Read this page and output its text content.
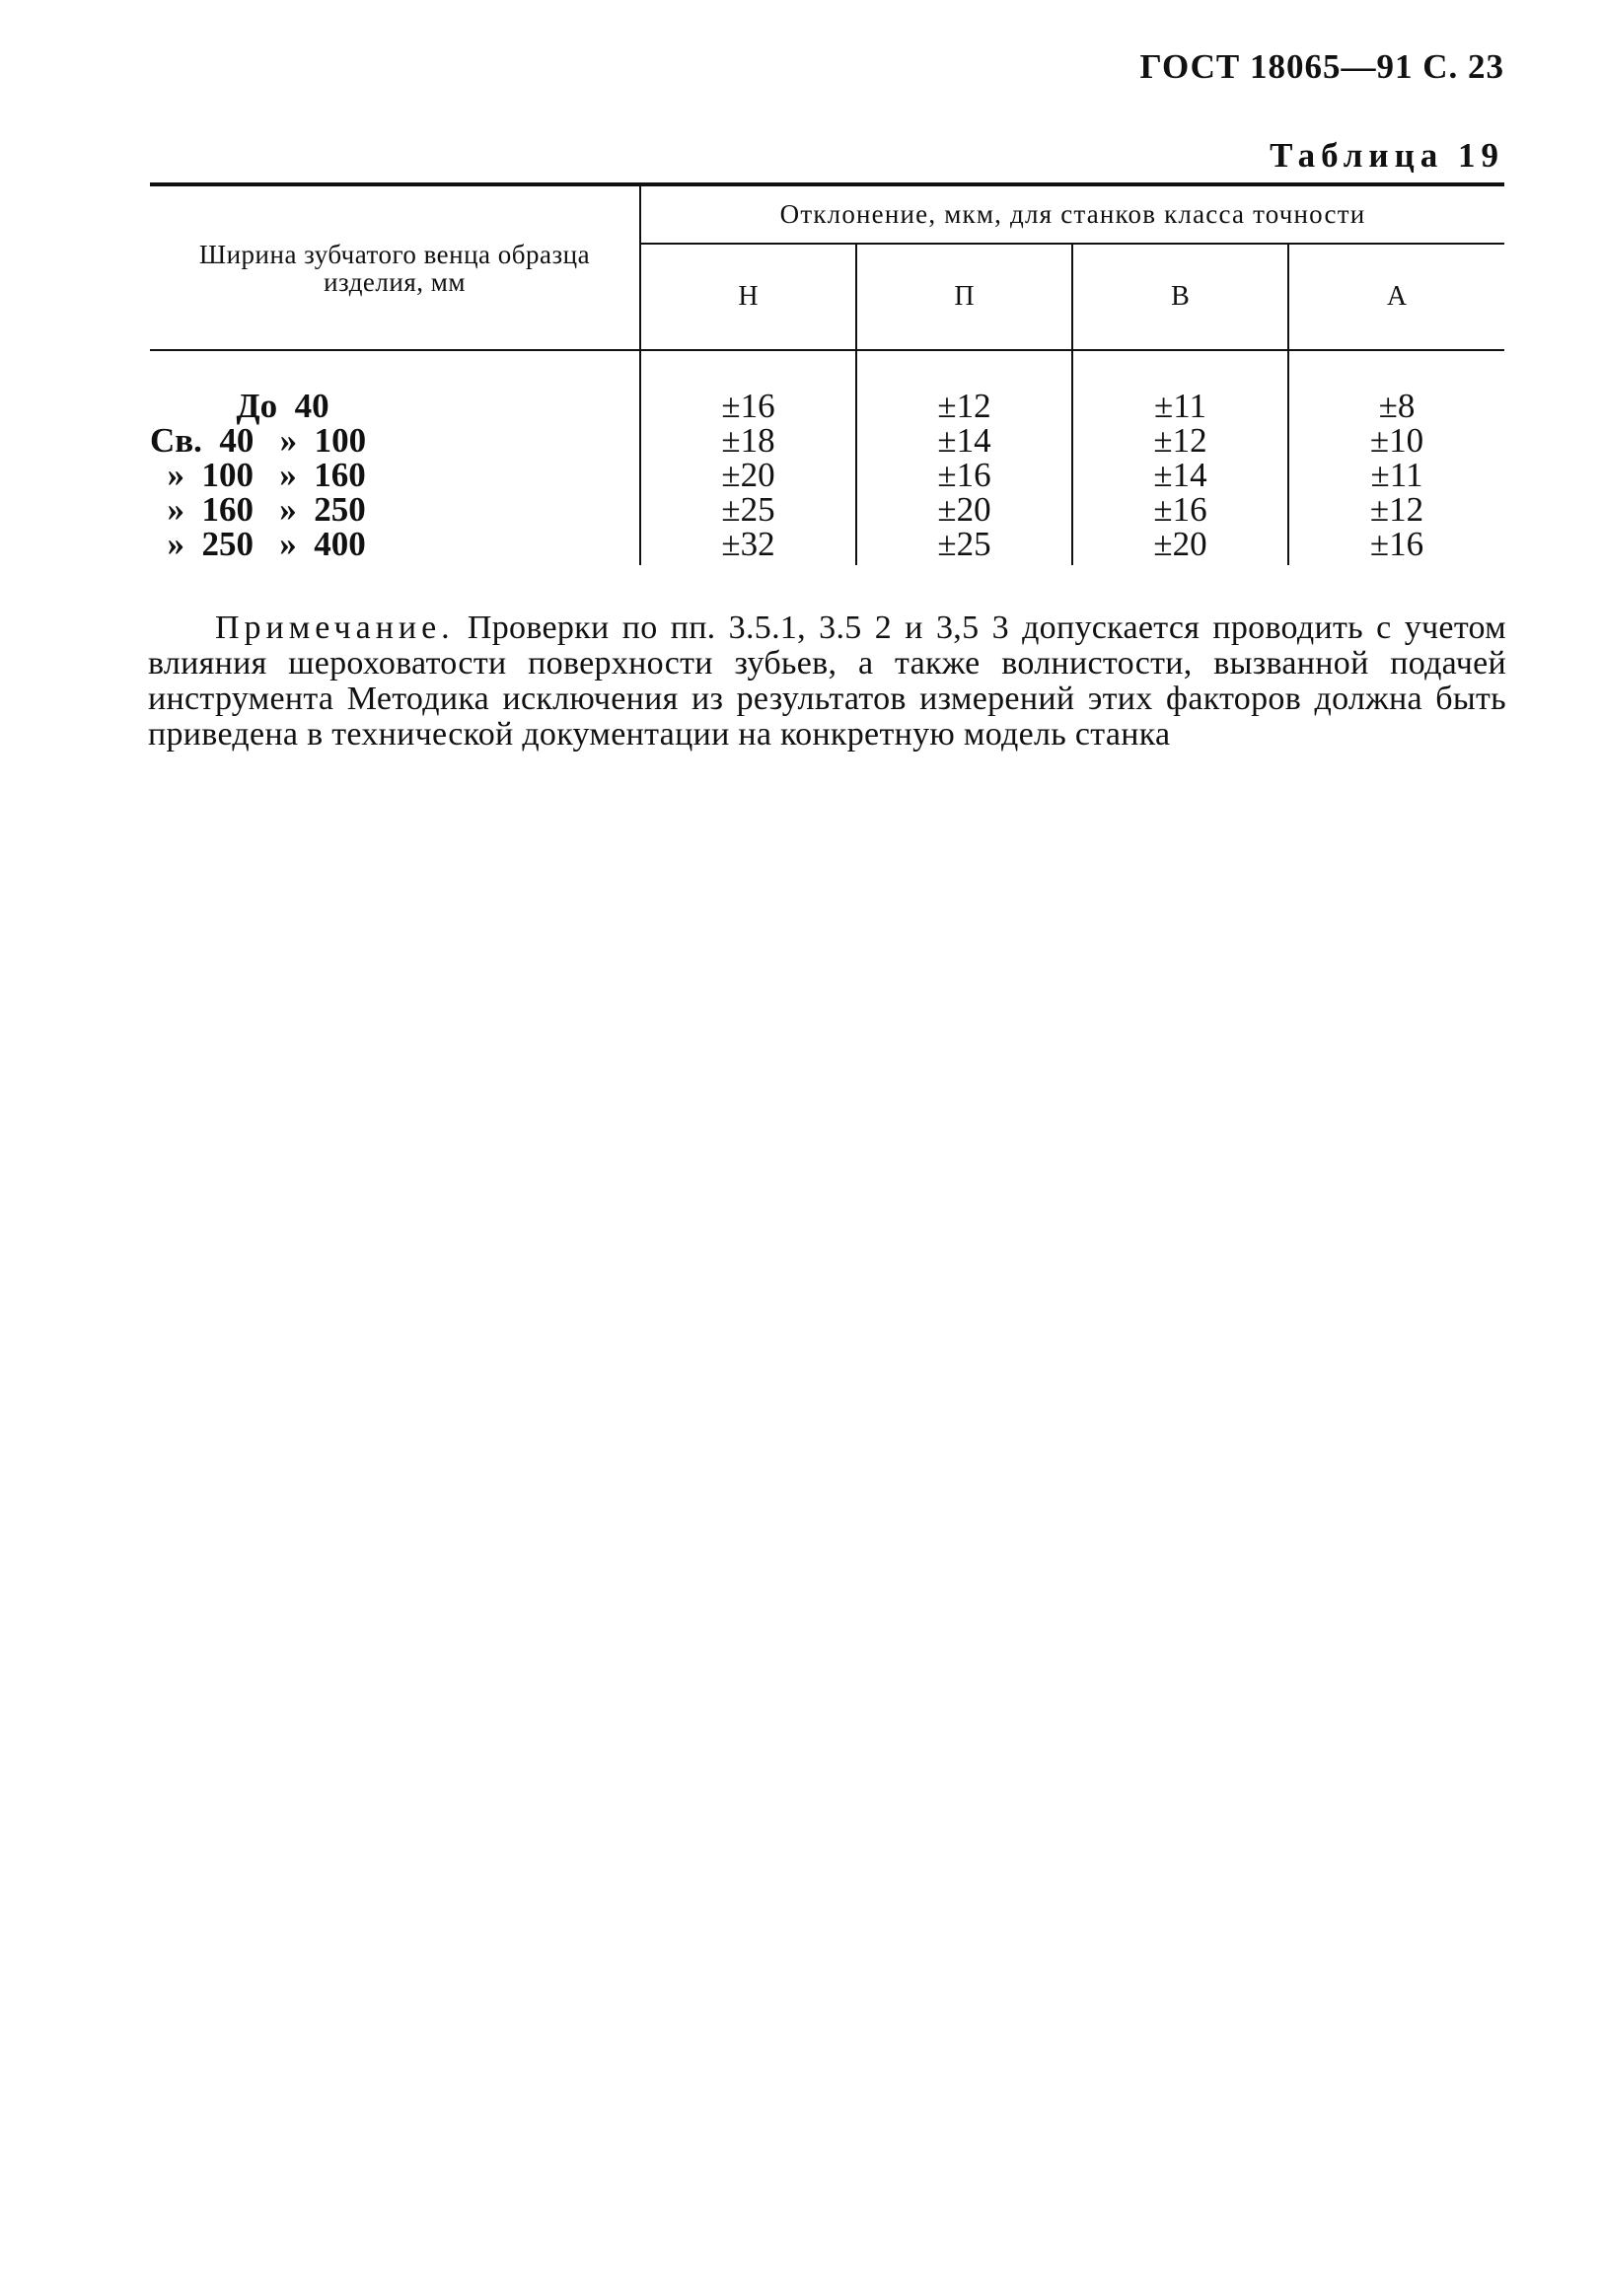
ГОСТ 18065—91 С. 23
Таблица 19
Ширина зубчатого венца образца изделия, мм	Отклонение, мкм, для станков класса точности			
	Н	П	В	А
До  40	±16	±12	±11	±8
Св.  40   »  100	±18	±14	±12	±10
»  100   »  160	±20	±16	±14	±11
»  160   »  250	±25	±20	±16	±12
»  250   »  400	±32	±25	±20	±16

Примечание. Проверки по пп. 3.5.1, 3.5 2 и 3,5 3 допускается проводить с учетом влияния шероховатости поверхности зубьев, а также волнистости, вызванной подачей инструмента Методика исключения из результатов измерений этих факторов должна быть приведена в технической документации на конкретную модель станка
